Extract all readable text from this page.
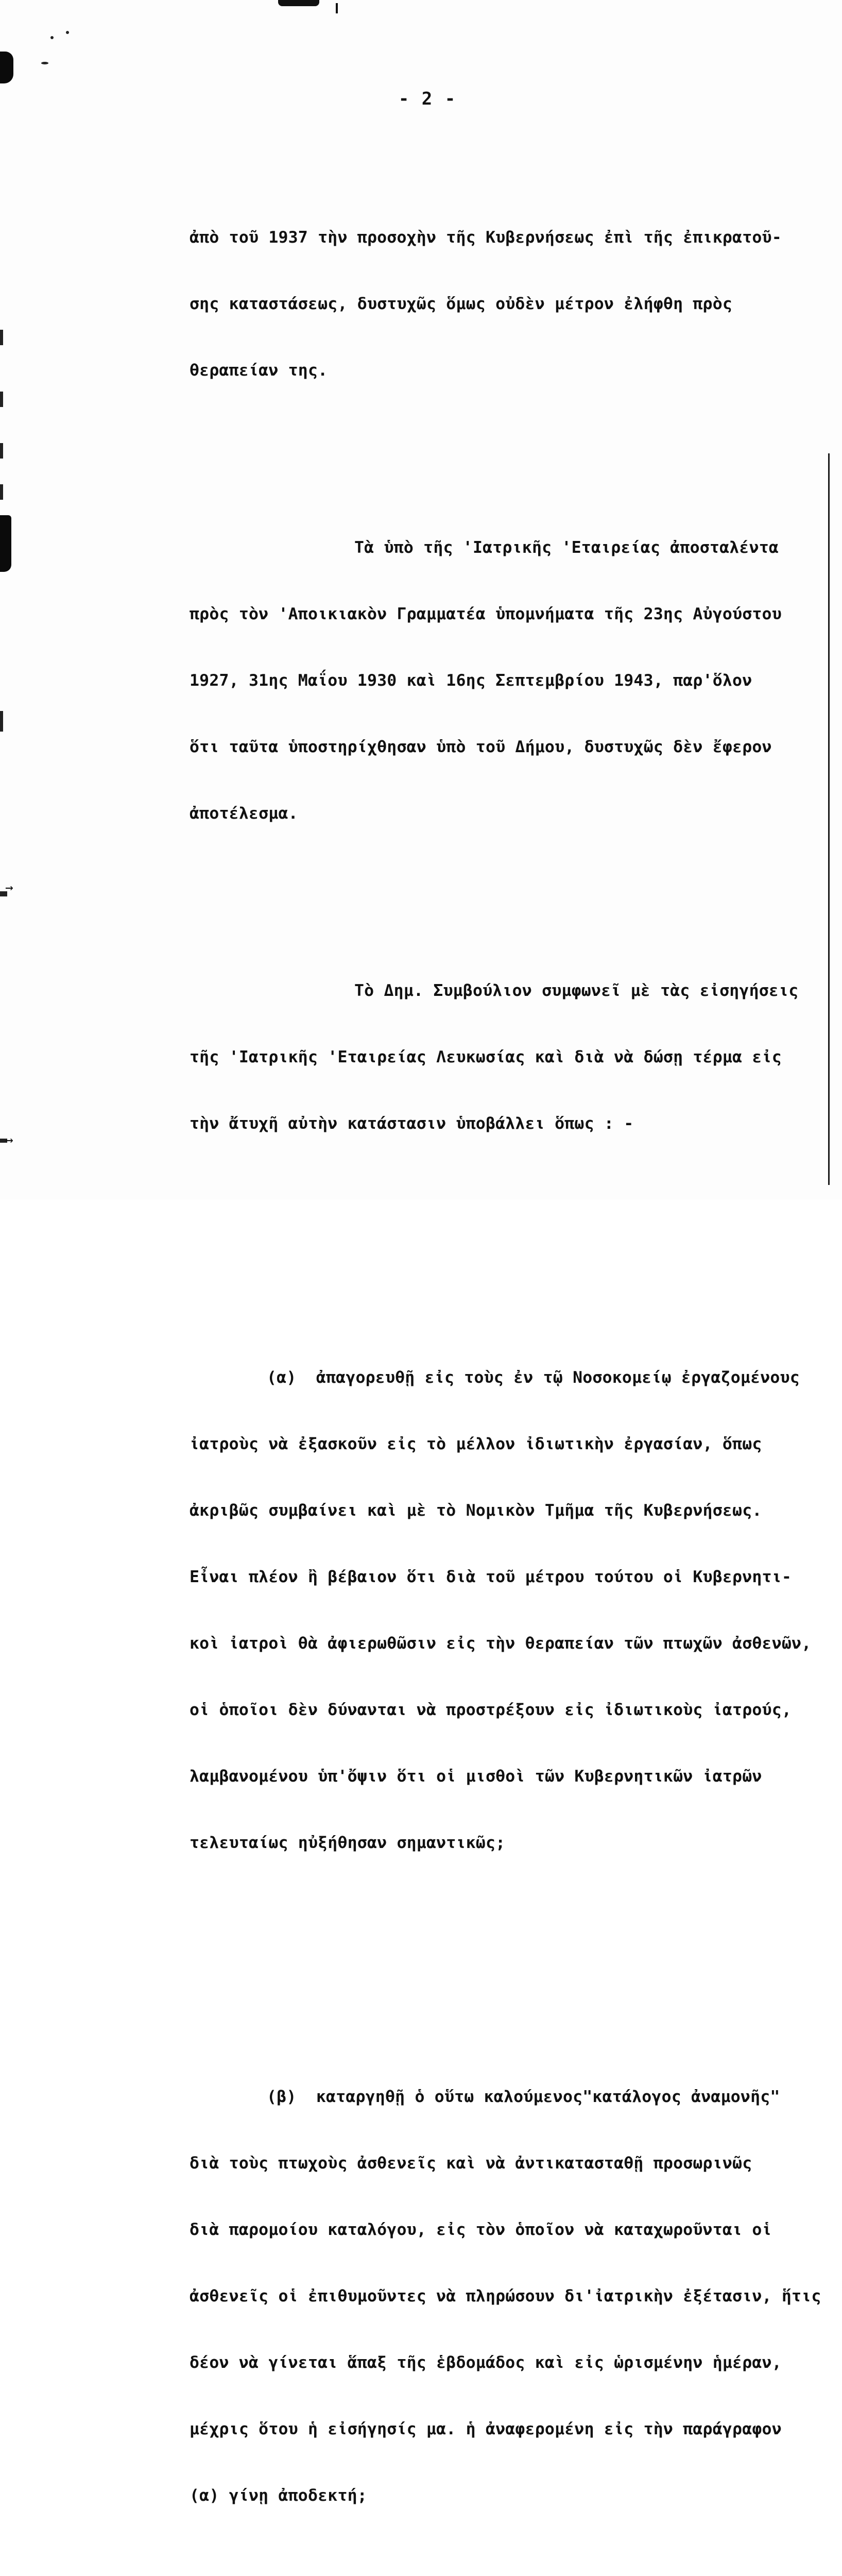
- 2 -

ἀπὸ τοῦ 1937 τὴν προσοχὴν τῆς Κυβερνήσεως ἐπὶ τῆς ἐπικρατοῦ-

σης καταστάσεως, δυστυχῶς ὅμως οὐδὲν μέτρον ἐλήφθη πρὸς

θεραπείαν της.

Τὰ ὑπὸ τῆς 'Ιατρικῆς 'Εταιρείας ἀποσταλέντα

πρὸς τὸν 'Αποικιακὸν Γραμματέα ὑπομνήματα τῆς 23ης Αὐγούστου

1927, 31ης Μαΐου 1930 καὶ 16ης Σεπτεμβρίου 1943, παρ'ὅλον

ὅτι ταῦτα ὑποστηρίχθησαν ὑπὸ τοῦ Δήμου, δυστυχῶς δὲν ἔφερον

ἀποτέλεσμα.

Τὸ Δημ. Συμβούλιον συμφωνεῖ μὲ τὰς εἰσηγήσεις

τῆς 'Ιατρικῆς 'Εταιρείας Λευκωσίας καὶ διὰ νὰ δώσῃ τέρμα εἰς

τὴν ἄτυχῆ αὐτὴν κατάστασιν ὑποβάλλει ὅπως : -

(α)  ἀπαγορευθῇ εἰς τοὺς ἐν τῷ Νοσοκομείῳ ἐργαζομένους

ἰατροὺς νὰ ἐξασκοῦν εἰς τὸ μέλλον ἰδιωτικὴν ἐργασίαν, ὅπως

ἀκριβῶς συμβαίνει καὶ μὲ τὸ Νομικὸν Τμῆμα τῆς Κυβερνήσεως.

Εἶναι πλέον ἢ βέβαιον ὅτι διὰ τοῦ μέτρου τούτου οἱ Κυβερνητι-

κοὶ ἰατροὶ θὰ ἀφιερωθῶσιν εἰς τὴν θεραπείαν τῶν πτωχῶν ἀσθενῶν,

οἱ ὁποῖοι δὲν δύνανται νὰ προστρέξουν εἰς ἰδιωτικοὺς ἰατρούς,

λαμβανομένου ὑπ'ὄψιν ὅτι οἱ μισθοὶ τῶν Κυβερνητικῶν ἰατρῶν

τελευταίως ηὐξήθησαν σημαντικῶς;

(β)  καταργηθῇ ὁ οὕτω καλούμενος"κατάλογος ἀναμονῆς"

διὰ τοὺς πτωχοὺς ἀσθενεῖς καὶ νὰ ἀντικατασταθῇ προσωρινῶς

διὰ παρομοίου καταλόγου, εἰς τὸν ὁποῖον νὰ καταχωροῦνται οἱ

ἀσθενεῖς οἱ ἐπιθυμοῦντες νὰ πληρώσουν δι'ἰατρικὴν ἐξέτασιν, ἥτις

δέον νὰ γίνεται ἅπαξ τῆς ἑβδομάδος καὶ εἰς ὡρισμένην ἡμέραν,

μέχρις ὅτου ἡ εἰσήγησίς μα. ἡ ἀναφερομένη εἰς τὴν παράγραφον

(α) γίνῃ ἀποδεκτή;

→
→
